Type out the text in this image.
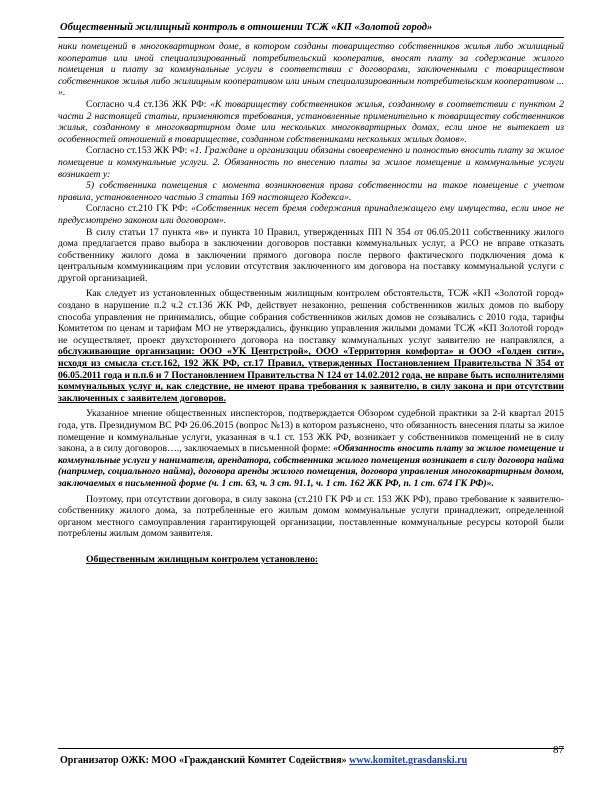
Общественный жилищный контроль в отношении ТСЖ «КП «Золотой город»

ники помещений в многоквартирном доме, в котором созданы товарищество собственников жилья либо жилищный кооператив или иной специализированный потребительский кооператив, вносят плату за содержание жилого помещения и плату за коммунальные услуги в соответствии с договорами, заключенными с товариществом собственников жилья либо жилищным кооперативом или иным специализированным потребительским кооперативом ... ».

Согласно ч.4 ст.136 ЖК РФ: «К товариществу собственников жилья, созданному в соответствии с пунктом 2 части 2 настоящей статьи, применяются требования, установленные применительно к товариществу собственников жилья, созданному в многоквартирном доме или нескольких многоквартирных домах, если иное не вытекает из особенностей отношений в товариществе, созданном собственниками нескольких жилых домов».

Согласно ст.153 ЖК РФ: «1. Граждане и организации обязаны своевременно и полностью вносить плату за жилое помещение и коммунальные услуги. 2. Обязанность по внесению платы за жилое помещение и коммунальные услуги возникает у:

5) собственника помещения с момента возникновения права собственности на такое помещение с учетом правила, установленного частью 3 статьи 169 настоящего Кодекса».

Согласно ст.210 ГК РФ: «Собственник несет бремя содержания принадлежащего ему имущества, если иное не предусмотрено законом или договором».

В силу статьи 17 пункта «в» и пункта 10 Правил, утвержденных ПП N 354 от 06.05.2011 собственнику жилого дома предлагается право выбора в заключении договоров поставки коммунальных услуг, а РСО не вправе отказать собственнику жилого дома в заключении прямого договора после первого фактического подключения дома к центральным коммуникациям при условии отсутствия заключенного им договора на поставку коммунальной услуги с другой организацией.

Как следует из установленных общественным жилищным контролем обстоятельств, ТСЖ «КП «Золотой город» создано в нарушение п.2 ч.2 ст.136 ЖК РФ, действует незаконно, решения собственников жилых домов по выбору способа управления не принимались, общие собрания собственников жилых домов не созывались с 2010 года, тарифы Комитетом по ценам и тарифам МО не утверждались, функцию управления жилыми домами ТСЖ «КП Золотой город» не осуществляет, проект двухстороннего договора на поставку коммунальных услуг заявителю не направлялся, а обслуживающие организации: ООО «УК Центрстрой», ООО «Территория комфорта» и ООО «Голден сити», исходя из смысла ст.ст.162, 192 ЖК РФ, ст.17 Правил, утвержденных Постановлением Правительства N 354 от 06.05.2011 года и п.п.6 и 7 Постановлением Правительства N 124 от 14.02.2012 года, не вправе быть исполнителями коммунальных услуг и, как следствие, не имеют права требования к заявителю, в силу закона и при отсутствии заключенных с заявителем договоров.

Указанное мнение общественных инспекторов, подтверждается Обзором судебной практики за 2-й квартал 2015 года, утв. Президиумом ВС РФ 26.06.2015 (вопрос №13) в котором разъяснено, что обязанность внесения платы за жилое помещение и коммунальные услуги, указанная в ч.1 ст. 153 ЖК РФ, возникает у собственников помещений не в силу закона, а в силу договоров…., заключаемых в письменной форме: «Обязанность вносить плату за жилое помещение и коммунальные услуги у нанимателя, арендатора, собственника жилого помещения возникает в силу договора найма (например, социального найма), договора аренды жилого помещения, договора управления многоквартирным домом, заключаемых в письменной форме (ч. 1 ст. 63, ч. 3 ст. 91.1, ч. 1 ст. 162 ЖК РФ, п. 1 ст. 674 ГК РФ)».

Поэтому, при отсутствии договора, в силу закона (ст.210 ГК РФ и ст. 153 ЖК РФ), право требование к заявителю-собственнику жилого дома, за потребленные его жилым домом коммунальные услуги принадлежит, определенной органом местного самоуправления гарантирующей организации, поставленные коммунальные ресурсы которой были потреблены жилым домом заявителя.

Общественным жилищным контролем установлено:

Организатор ОЖК: МОО «Гражданский Комитет Содействия» www.komitet.grasdanski.ru
87
